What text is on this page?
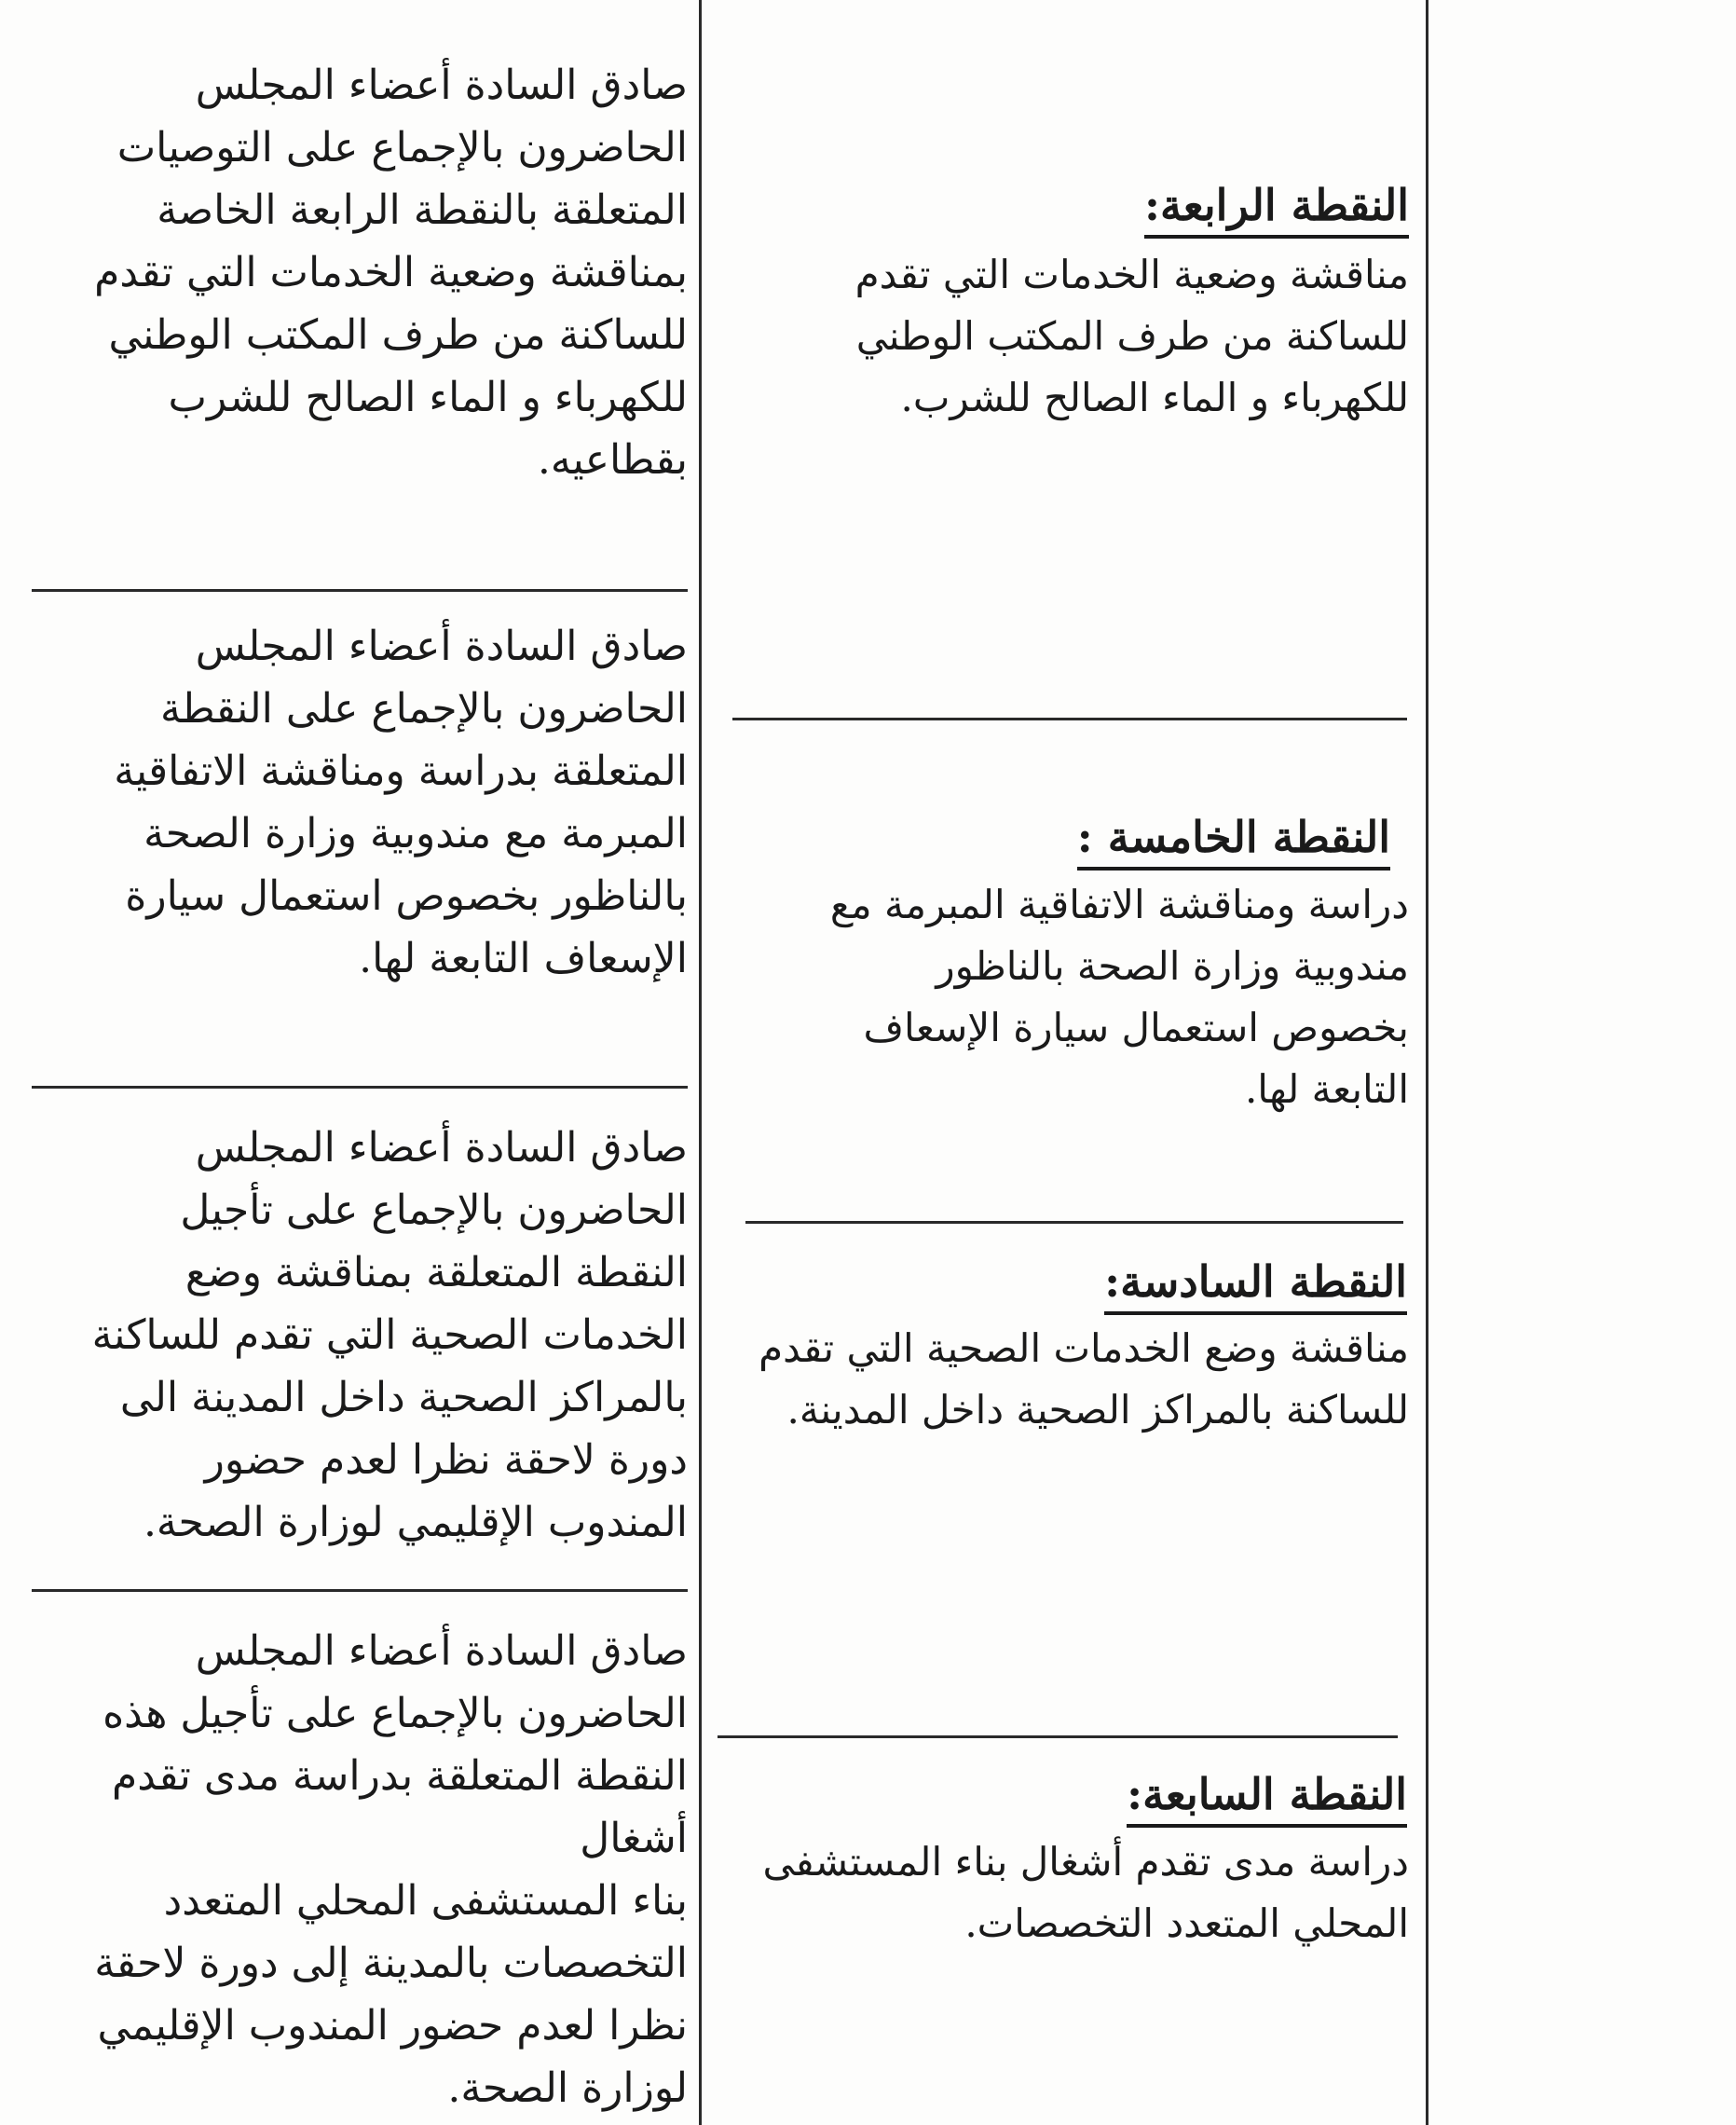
صادق السادة أعضاء المجلس
الحاضرون بالإجماع على التوصيات
المتعلقة بالنقطة الرابعة الخاصة
بمناقشة وضعية الخدمات التي تقدم
للساكنة من طرف المكتب الوطني
للكهرباء و الماء الصالح للشرب
بقطاعيه.
صادق السادة أعضاء المجلس
الحاضرون بالإجماع على النقطة
المتعلقة بدراسة ومناقشة الاتفاقية
المبرمة مع مندوبية وزارة الصحة
بالناظور بخصوص استعمال سيارة
الإسعاف التابعة لها.
صادق السادة أعضاء المجلس
الحاضرون بالإجماع على تأجيل
النقطة المتعلقة بمناقشة وضع
الخدمات الصحية التي تقدم للساكنة
بالمراكز الصحية داخل المدينة الى
دورة لاحقة نظرا لعدم حضور
المندوب الإقليمي لوزارة الصحة.
صادق السادة أعضاء المجلس
الحاضرون بالإجماع على تأجيل هذه
النقطة المتعلقة بدراسة مدى تقدم أشغال
بناء المستشفى المحلي المتعدد
التخصصات بالمدينة إلى دورة لاحقة
نظرا لعدم حضور المندوب الإقليمي
لوزارة الصحة.
النقطة الرابعة:
مناقشة وضعية الخدمات التي تقدم
للساكنة من طرف المكتب الوطني
للكهرباء و الماء الصالح للشرب.
النقطة الخامسة :
دراسة ومناقشة الاتفاقية المبرمة مع
مندوبية وزارة الصحة بالناظور
بخصوص استعمال سيارة الإسعاف
التابعة لها.
النقطة السادسة:
مناقشة وضع الخدمات الصحية التي تقدم
للساكنة بالمراكز الصحية داخل المدينة.
النقطة السابعة:
دراسة مدى تقدم أشغال بناء المستشفى
المحلي المتعدد التخصصات.
